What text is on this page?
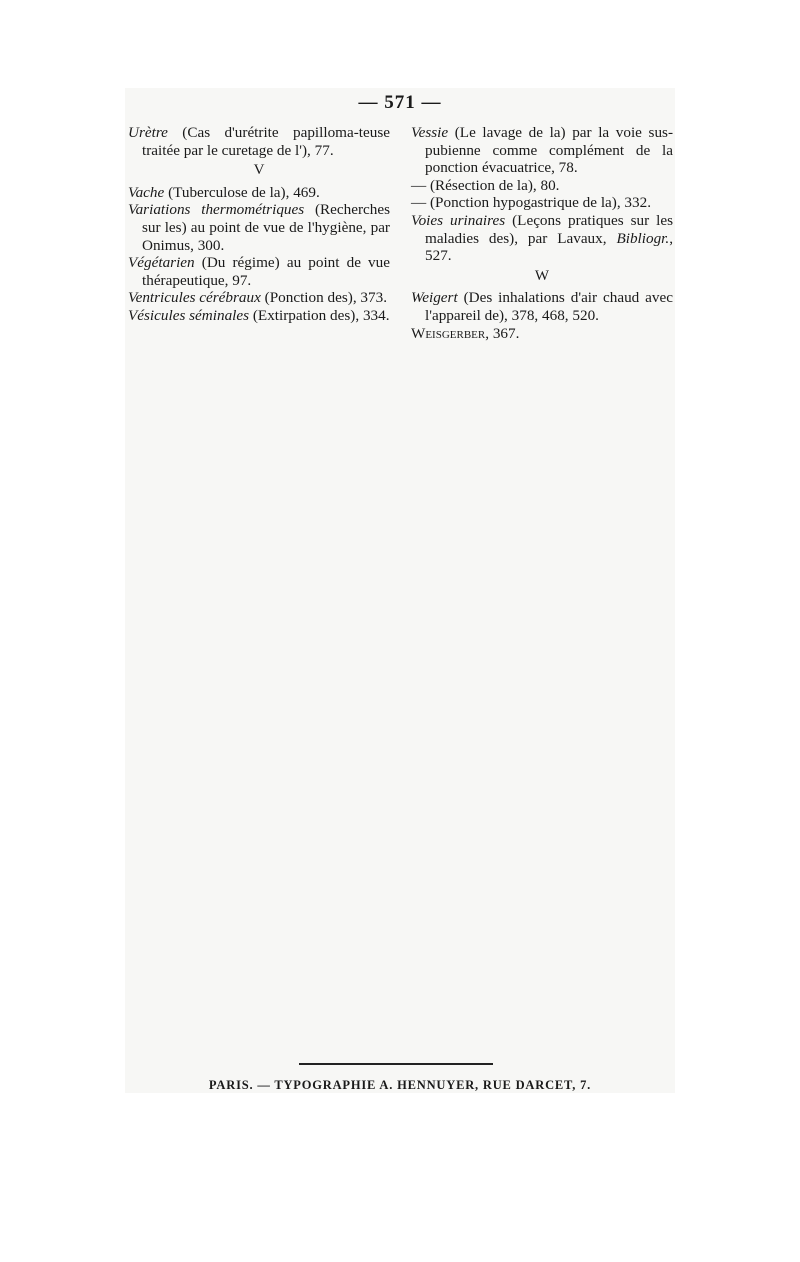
— 571 —

Urètre (Cas d'urétrite papilloma-teuse traitée par le curetage de l'), 77.

V

Vache (Tuberculose de la), 469.

Variations thermométriques (Recherches sur les) au point de vue de l'hygiène, par Onimus, 300.

Végétarien (Du régime) au point de vue thérapeutique, 97.

Ventricules cérébraux (Ponction des), 373.

Vésicules séminales (Extirpation des), 334.

Vessie (Le lavage de la) par la voie sus-pubienne comme complément de la ponction évacuatrice, 78.

— (Résection de la), 80.

— (Ponction hypogastrique de la), 332.

Voies urinaires (Leçons pratiques sur les maladies des), par Lavaux, Bibliogr., 527.

W

Weigert (Des inhalations d'air chaud avec l'appareil de), 378, 468, 520.

Weisgerber, 367.

PARIS. — TYPOGRAPHIE A. HENNUYER, RUE DARCET, 7.
